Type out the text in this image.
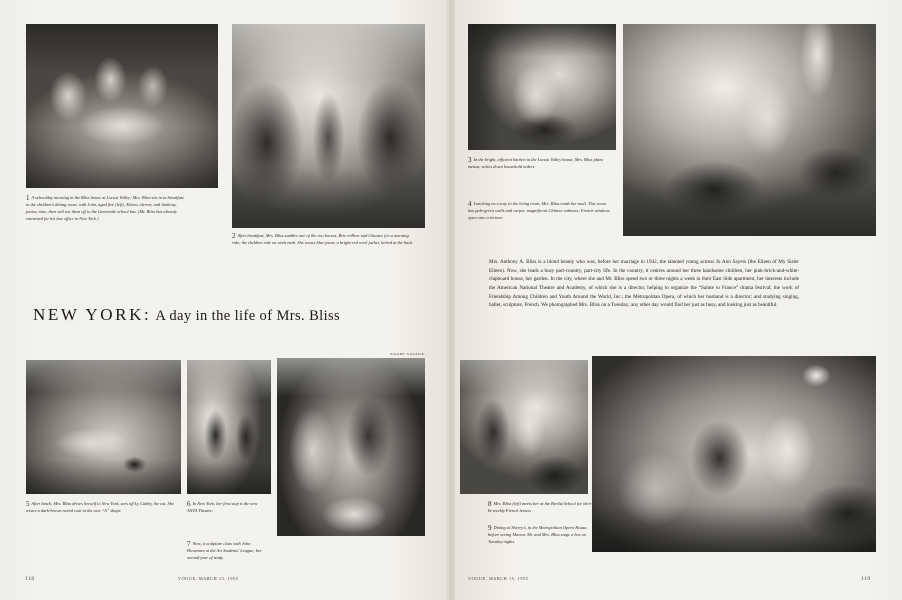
1 A schoolday morning in the Bliss house at Locust Valley: Mrs. Bliss sits in at breakfast in the children’s dining room, with John, aged five (left); Eileen, eleven; and Anthony, junior, nine; then will see them off to the Greenvale school bus. (Mr. Bliss has already entrained for his law office in New York.)
2 After breakfast, Mrs. Bliss saddles one of the two horses, Bric-a-Brac and Cheater, for a morning ride; the children ride on week ends. She wears blue jeans, a bright-red wool jacket, belted at the back.
NEW YORK: A day in the life of Mrs. Bliss
NAOMI SAVAGE
5 After lunch, Mrs. Bliss drives herself to New York, sees off Ly Cabby, the cat. She wears a dark-brown tweed coat in the new “A” shape.
6 In New York, her first stop is the new ANTA Theatre.
7 Next, a sculpture class with John Hovannes at the Art Students’ League; her second year of study.
118	VOGUE, MARCH 15, 1955
3 In the bright, efficient kitchen in the Locust Valley house, Mrs. Bliss plans menus, writes down household orders.
4 Lunching on a tray in the living room, Mrs. Bliss reads her mail. This room has pale-green walls and carpet, magnificent Chinese cabinets; French windows open onto a terrace.
Mrs. Anthony A. Bliss is a blond beauty who was, before her marriage in 1942, the talented young actress Jo Ann Sayers (the Eileen of My Sister Eileen). Now, she leads a busy part-country, part-city life. In the country, it centres around her three handsome children, her pink-brick-and-white-clapboard house, her garden. In the city, where she and Mr. Bliss spend two or three nights a week in their East Side apartment, her interests include the American National Theatre and Academy, of which she is a director, helping to organize the “Salute to France” drama festival; the work of Friendship Among Children and Youth Around the World, Inc.; the Metropolitan Opera, of which her husband is a director; and studying singing, ballet, sculpture, French. We photographed Mrs. Bliss on a Tuesday; any other day would find her just as busy, and looking just as beautiful.
8 Mrs. Bliss (left) meets her at the Berlitz School for their bi-weekly French lesson.
9 Dining at Sherry’s, in the Metropolitan Opera House, before seeing Manon. Mr. and Mrs. Bliss stage a box on Tuesday nights.
VOGUE, MARCH 15, 1955	119
